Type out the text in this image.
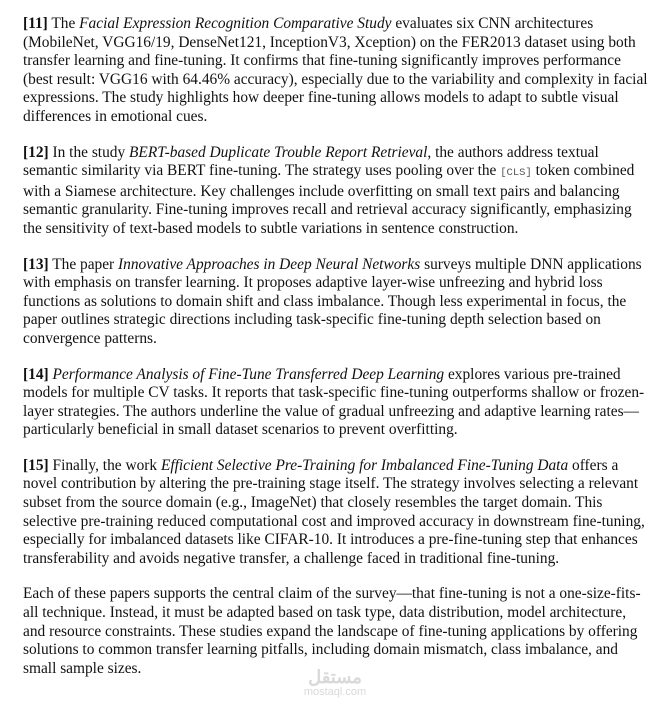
[11] The Facial Expression Recognition Comparative Study evaluates six CNN architectures (MobileNet, VGG16/19, DenseNet121, InceptionV3, Xception) on the FER2013 dataset using both transfer learning and fine-tuning. It confirms that fine-tuning significantly improves performance (best result: VGG16 with 64.46% accuracy), especially due to the variability and complexity in facial expressions. The study highlights how deeper fine-tuning allows models to adapt to subtle visual differences in emotional cues.

[12] In the study BERT-based Duplicate Trouble Report Retrieval, the authors address textual semantic similarity via BERT fine-tuning. The strategy uses pooling over the [CLS] token combined with a Siamese architecture. Key challenges include overfitting on small text pairs and balancing semantic granularity. Fine-tuning improves recall and retrieval accuracy significantly, emphasizing the sensitivity of text-based models to subtle variations in sentence construction.

[13] The paper Innovative Approaches in Deep Neural Networks surveys multiple DNN applications with emphasis on transfer learning. It proposes adaptive layer-wise unfreezing and hybrid loss functions as solutions to domain shift and class imbalance. Though less experimental in focus, the paper outlines strategic directions including task-specific fine-tuning depth selection based on convergence patterns.

[14] Performance Analysis of Fine-Tune Transferred Deep Learning explores various pre-trained models for multiple CV tasks. It reports that task-specific fine-tuning outperforms shallow or frozen-layer strategies. The authors underline the value of gradual unfreezing and adaptive learning rates—particularly beneficial in small dataset scenarios to prevent overfitting.

[15] Finally, the work Efficient Selective Pre-Training for Imbalanced Fine-Tuning Data offers a novel contribution by altering the pre-training stage itself. The strategy involves selecting a relevant subset from the source domain (e.g., ImageNet) that closely resembles the target domain. This selective pre-training reduced computational cost and improved accuracy in downstream fine-tuning, especially for imbalanced datasets like CIFAR-10. It introduces a pre-fine-tuning step that enhances transferability and avoids negative transfer, a challenge faced in traditional fine-tuning.

Each of these papers supports the central claim of the survey—that fine-tuning is not a one-size-fits-all technique. Instead, it must be adapted based on task type, data distribution, model architecture, and resource constraints. These studies expand the landscape of fine-tuning applications by offering solutions to common transfer learning pitfalls, including domain mismatch, class imbalance, and small sample sizes.	مستقل
mostaql.com
